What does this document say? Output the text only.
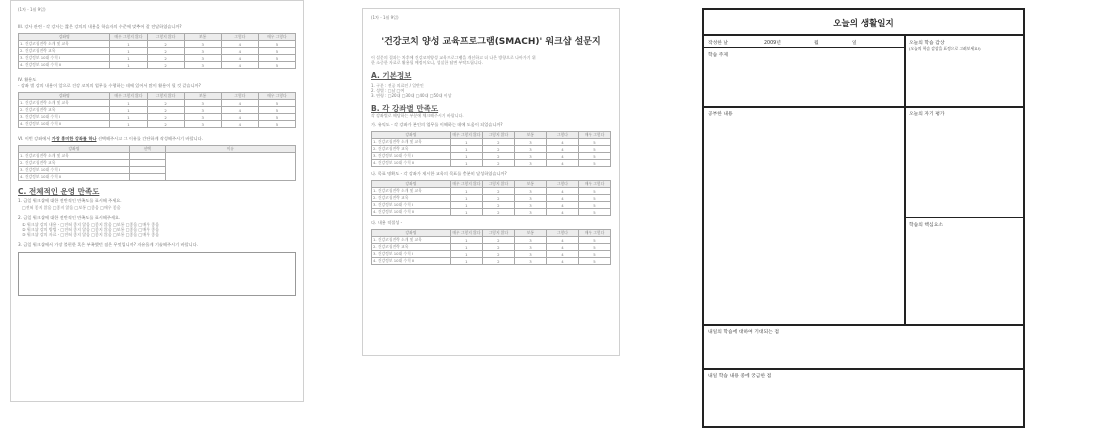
(1차 - 1월 9일)
III. 강사 관련 - 각 강사는 짧은 강의의 내용을 학습자의 수준에 맞추어 잘 전달하였습니까?
강좌명	매우 그렇지 않다	그렇지 않다	보통	그렇다	매우 그렇다
1. 건강코칭전략 소개 및 교육	1	2	3	4	5
2. 건강코칭전략 교육	1	2	3	4	5
3. 건강정보 10대 수칙 I	1	2	3	4	5
4. 건강정보 10대 수칙 II	1	2	3	4	5
IV. 활용도
- 강좌 별 강의 내용이 앞으로 건강 코치의 업무를 수행하는 데에 있어서 많이 활용이 될 것 같습니까?
강좌명	매우 그렇지 않다	그렇지 않다	보통	그렇다	매우 그렇다
1. 건강코칭전략 소개 및 교육	1	2	3	4	5
2. 건강코칭전략 교육	1	2	3	4	5
3. 건강정보 10대 수칙 I	1	2	3	4	5
4. 건강정보 10대 수칙 II	1	2	3	4	5
VI. 이번 강좌에서 가장 흥미한 강좌를 하나 선택해주시고 그 이유를 간단하게 작성해주시기 바랍니다.
강좌명	선택	이유
1. 건강코칭전략 소개 및 교육		
2. 건강코칭전략 교육		
3. 건강정보 10대 수칙 I		
4. 건강정보 10대 수칙 II		
C. 전체적인 운영 만족도
1. 금일 워크샵에 대한 전반적인 만족도를 표시해 주세요.
□전혀 좋지 않음 □좋지 않음 □보통 □좋음 □매우 좋음
2. 금일 워크샵에 대한 전반적인 만족도를 표시해주세요.
① 워크샵 강의 내용 - □전혀 좋지 않음 □좋지 않음 □보통 □좋음 □매우 좋음
② 워크샵 강의 방법 - □전혀 좋지 않음 □좋지 않음 □보통 □좋음 □매우 좋음
③ 워크샵 강의 자료 - □전혀 좋지 않음 □좋지 않음 □보통 □좋음 □매우 좋음
3. 금일 워크샵에서 가장 불편한 혹은 부족했던 점은 무엇입니까? 자유롭게 기술해주시기 바랍니다.
(1차 - 1월 9일)
'건강코치 양성 교육프로그램(SMACH)' 워크샵 설문지
이 설문의 결과는 차후에 건강코치양성 교육프로그램을 개선하고 더 나은 방향으로 나아가기 위
한 소중한 자료로 활용될 예정이오니, 성실한 답변 부탁드립니다.
A. 기본정보
1. 구분 : 전공 의료인 / 일반인
2. 성별 : □남 □여
3. 연령 : □20대 □30대 □40대 □50대 이상
B. 각 강좌별 만족도
각 강좌별로 해당하는 부분에 체크해주시기 바랍니다.
가. 유익도 - 각 강좌가 본인의 업무를 이해하는 데에 도움이 되었습니까?
강좌명	매우 그렇지 않다	그렇지 않다	보통	그렇다	매우 그렇다
1. 건강코칭전략 소개 및 교육	1	2	3	4	5
2. 건강코칭전략 교육	1	2	3	4	5
3. 건강정보 10대 수칙 I	1	2	3	4	5
4. 건강정보 10대 수칙 II	1	2	3	4	5
나. 목표 명확도 - 각 강좌가 제시한 교육의 목표를 충분히 달성하였습니까?
강좌명	매우 그렇지 않다	그렇지 않다	보통	그렇다	매우 그렇다
1. 건강코칭전략 소개 및 교육	1	2	3	4	5
2. 건강코칭전략 교육	1	2	3	4	5
3. 건강정보 10대 수칙 I	1	2	3	4	5
4. 건강정보 10대 수칙 II	1	2	3	4	5
다. 내용 적절성 -
강좌명	매우 그렇지 않다	그렇지 않다	보통	그렇다	매우 그렇다
1. 건강코칭전략 소개 및 교육	1	2	3	4	5
2. 건강코칭전략 교육	1	2	3	4	5
3. 건강정보 10대 수칙 I	1	2	3	4	5
4. 건강정보 10대 수칙 II	1	2	3	4	5
오늘의 생활일지
작성한 날	2009년	월	일
학습 주제
오늘의 학습 감상
(오늘의 학습 감상을 표정으로 그려보세요!)
공부한 내용	오늘의 자기 평가
학습의 핵심요소
내일의 학습에 대하여 기대되는 점
내일 학습 내용 중에 궁금한 점
